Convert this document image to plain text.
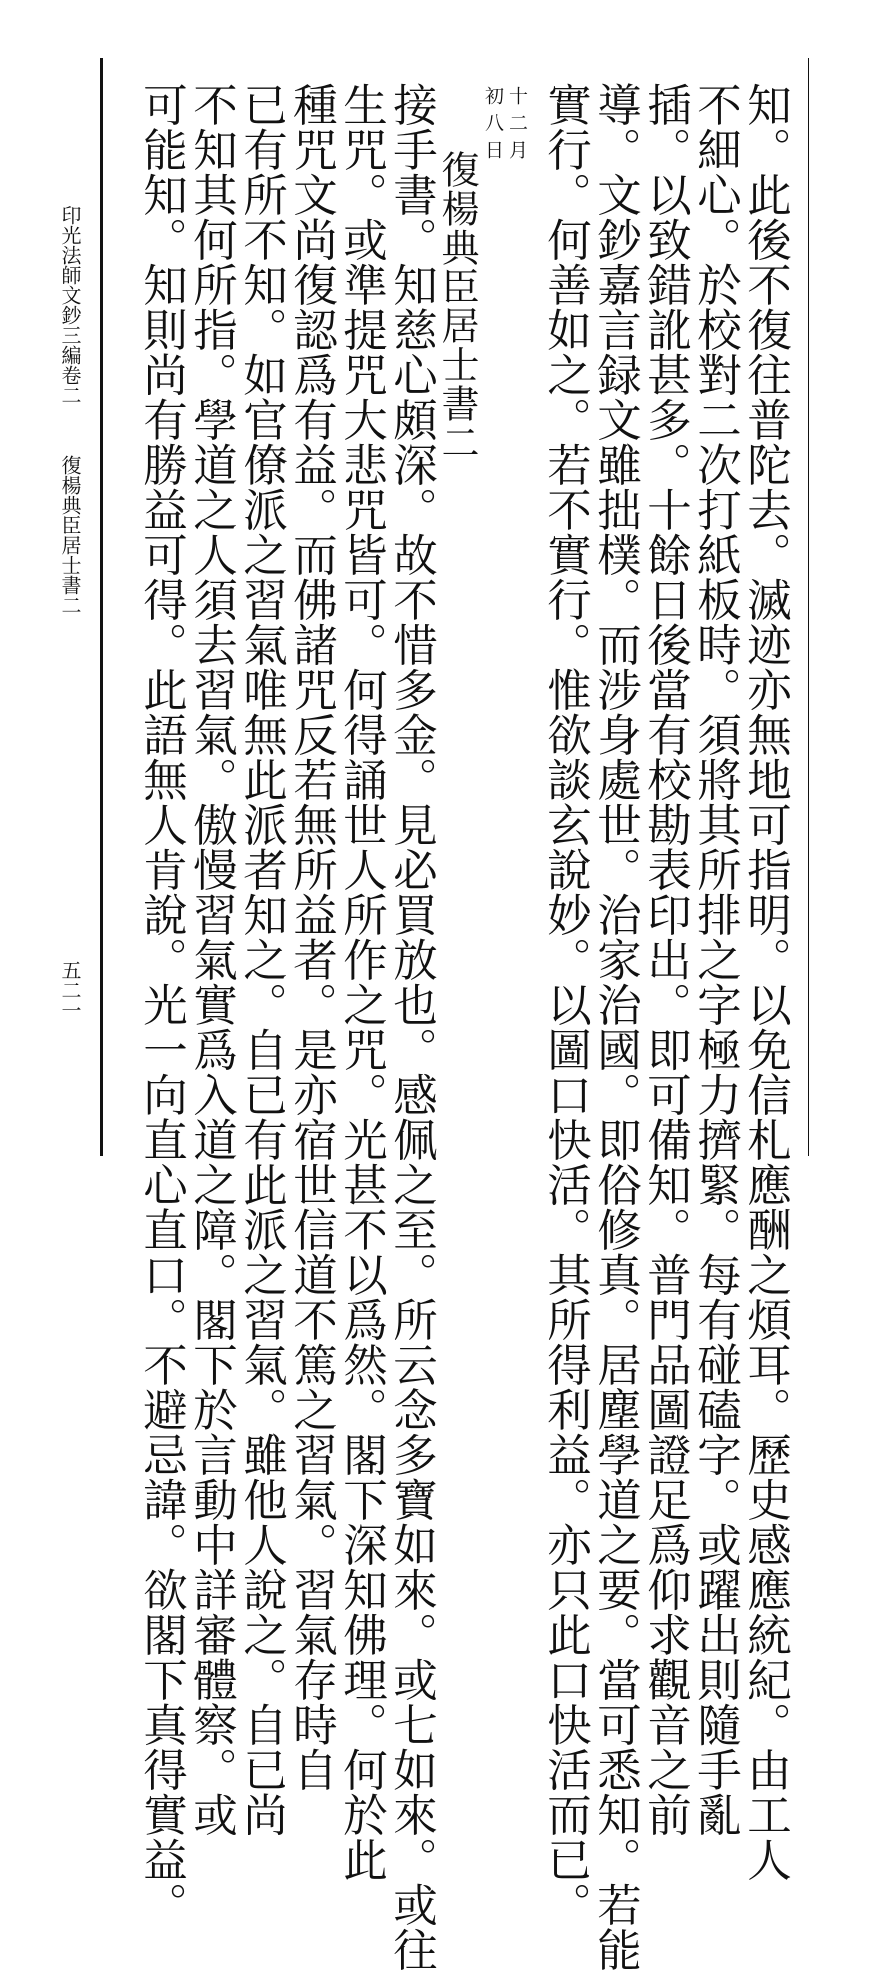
知。此後不復往普陀去。滅迹亦無地可指明。以免信札應酬之煩耳。歷史感應統紀。由工人
不細心。於校對二次打紙板時。須將其所排之字極力擠緊。每有碰磕字。或躍出則隨手亂
插。以致錯訛甚多。十餘日後當有校勘表印出。即可備知。普門品圖證足爲仰求觀音之前
導。文鈔嘉言録文雖拙樸。而涉身處世。治家治國。即俗修真。居塵學道之要。當可悉知。若能
實行。何善如之。若不實行。惟欲談玄說妙。以圖口快活。其所得利益。亦只此口快活而已。
十二月
初八日
復楊典臣居士書二
接手書。知慈心頗深。故不惜多金。見必買放也。感佩之至。所云念多寶如來。或七如來。或往
生咒。或準提咒大悲咒皆可。何得誦世人所作之咒。光甚不以爲然。閣下深知佛理。何於此
種咒文尚復認爲有益。而佛諸咒反若無所益者。是亦宿世信道不篤之習氣。習氣存時自
已有所不知。如官僚派之習氣唯無此派者知之。自已有此派之習氣。雖他人說之。自已尚
不知其何所指。學道之人須去習氣。傲慢習氣實爲入道之障。閣下於言動中詳審體察。或
可能知。知則尚有勝益可得。此語無人肯說。光一向直心直口。不避忌諱。欲閣下真得實益。
印光法師文鈔三編卷二
復楊典臣居士書二
五二一
